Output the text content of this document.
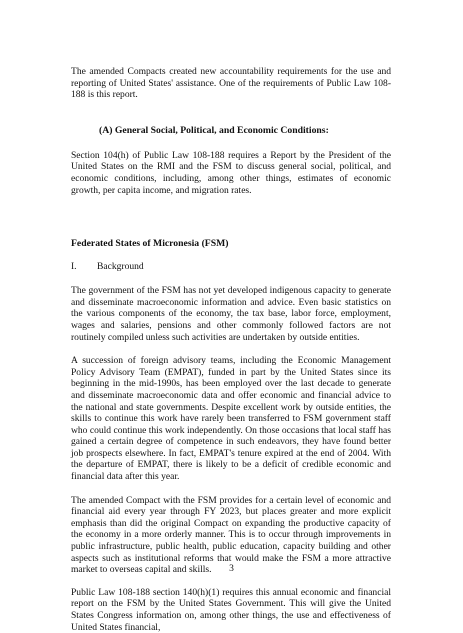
The amended Compacts created new accountability requirements for the use and reporting of United States' assistance. One of the requirements of Public Law 108-188 is this report.

(A) General Social, Political, and Economic Conditions:

Section 104(h) of Public Law 108-188 requires a Report by the President of the United States on the RMI and the FSM to discuss general social, political, and economic conditions, including, among other things, estimates of economic growth, per capita income, and migration rates.

Federated States of Micronesia (FSM)
I. Background

The government of the FSM has not yet developed indigenous capacity to generate and disseminate macroeconomic information and advice. Even basic statistics on the various components of the economy, the tax base, labor force, employment, wages and salaries, pensions and other commonly followed factors are not routinely compiled unless such activities are undertaken by outside entities.

A succession of foreign advisory teams, including the Economic Management Policy Advisory Team (EMPAT), funded in part by the United States since its beginning in the mid-1990s, has been employed over the last decade to generate and disseminate macroeconomic data and offer economic and financial advice to the national and state governments. Despite excellent work by outside entities, the skills to continue this work have rarely been transferred to FSM government staff who could continue this work independently. On those occasions that local staff has gained a certain degree of competence in such endeavors, they have found better job prospects elsewhere. In fact, EMPAT's tenure expired at the end of 2004. With the departure of EMPAT, there is likely to be a deficit of credible economic and financial data after this year.

The amended Compact with the FSM provides for a certain level of economic and financial aid every year through FY 2023, but places greater and more explicit emphasis than did the original Compact on expanding the productive capacity of the economy in a more orderly manner. This is to occur through improvements in public infrastructure, public health, public education, capacity building and other aspects such as institutional reforms that would make the FSM a more attractive market to overseas capital and skills.

Public Law 108-188 section 140(h)(1) requires this annual economic and financial report on the FSM by the United States Government. This will give the United States Congress information on, among other things, the use and effectiveness of United States financial,

3
